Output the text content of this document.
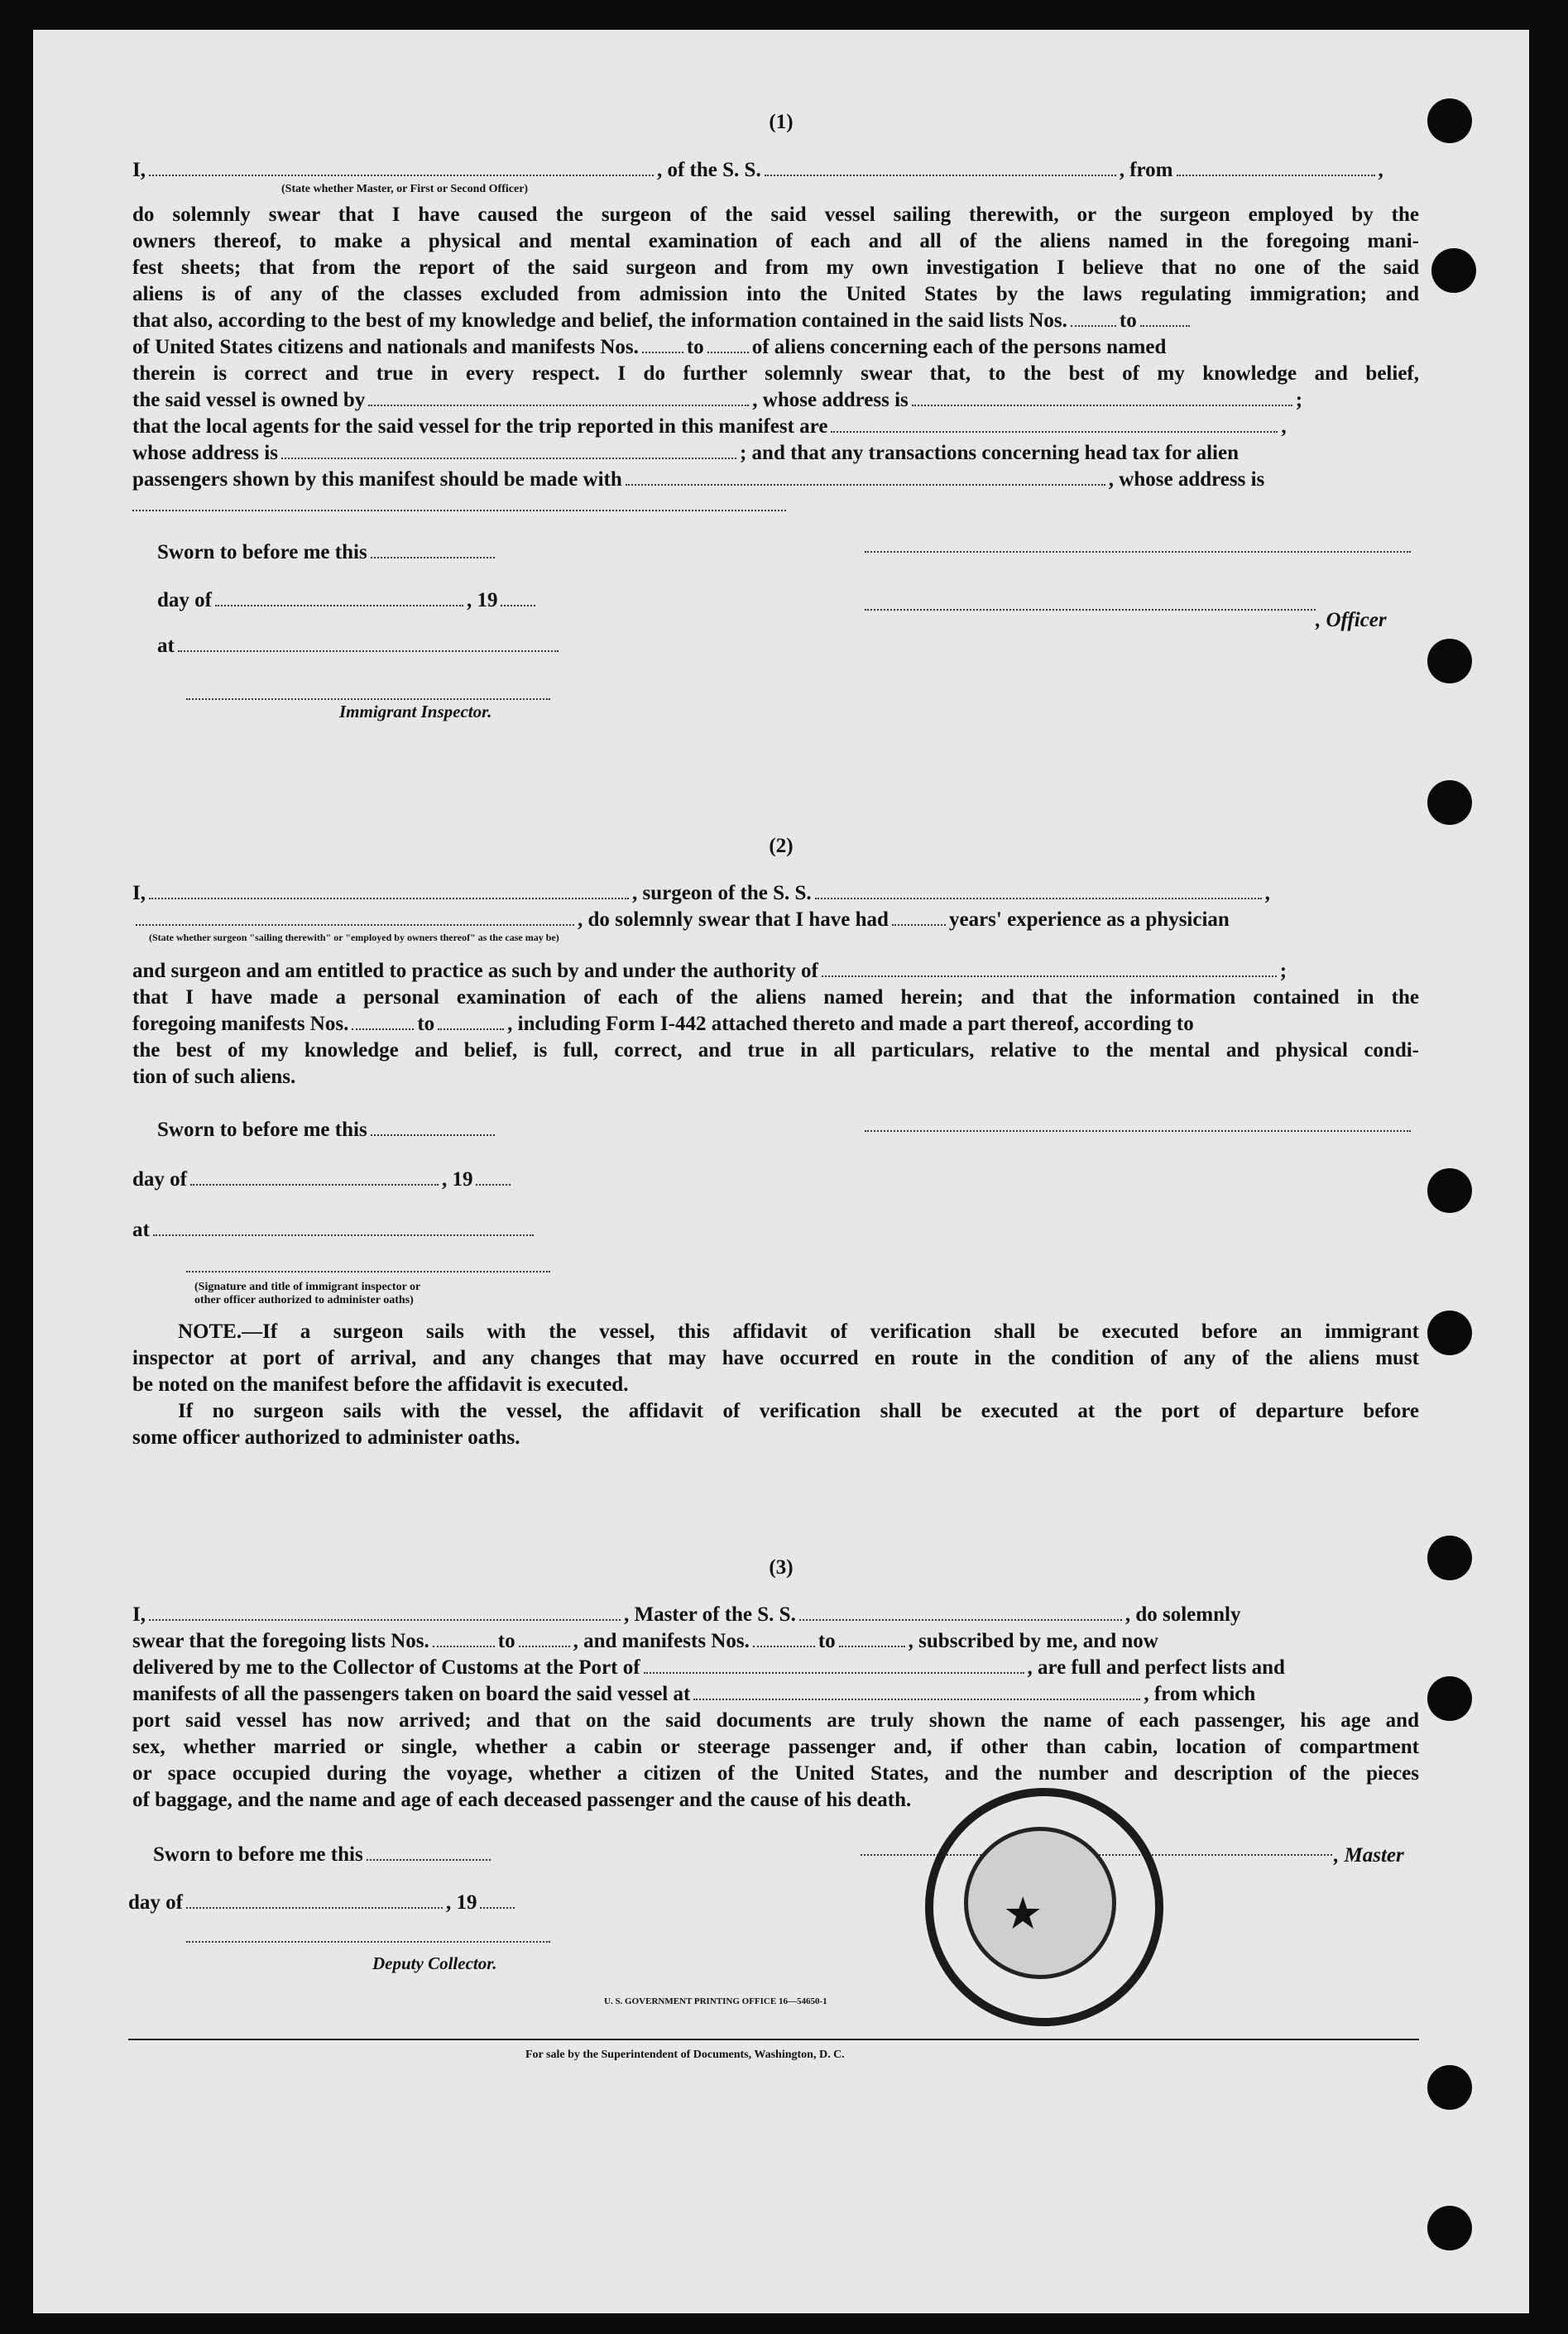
(1)
I,	, of the S. S.	, from	,
(State whether Master, or First or Second Officer)
do solemnly swear that I have caused the surgeon of the said vessel sailing therewith, or the surgeon employed by the
owners thereof, to make a physical and mental examination of each and all of the aliens named in the foregoing mani-
fest sheets; that from the report of the said surgeon and from my own investigation I believe that no one of the said
aliens is of any of the classes excluded from admission into the United States by the laws regulating immigration; and
that also, according to the best of my knowledge and belief, the information contained in the said lists Nos.	to
of United States citizens and nationals and manifests Nos. to of aliens concerning each of the persons named
therein is correct and true in every respect. I do further solemnly swear that, to the best of my knowledge and belief,
the said vessel is owned by	, whose address is	;
that the local agents for the said vessel for the trip reported in this manifest are	,
whose address is	; and that any transactions concerning head tax for alien
passengers shown by this manifest should be made with	, whose address is
Sworn to before me this
day of	, 19
at
, Officer
Immigrant Inspector.
(2)
I,	, surgeon of the S. S.	,
, do solemnly swear that I have had	years' experience as a physician
(State whether surgeon "sailing therewith" or "employed by owners thereof" as the case may be)
and surgeon and am entitled to practice as such by and under the authority of	;
that I have made a personal examination of each of the aliens named herein; and that the information contained in the
foregoing manifests Nos.	to	, including Form I-442 attached thereto and made a part thereof, according to
the best of my knowledge and belief, is full, correct, and true in all particulars, relative to the mental and physical condi-
tion of such aliens.
Sworn to before me this
day of	, 19
at
(Signature and title of immigrant inspector or
other officer authorized to administer oaths)
NOTE.—If a surgeon sails with the vessel, this affidavit of verification shall be executed before an immigrant
inspector at port of arrival, and any changes that may have occurred en route in the condition of any of the aliens must
be noted on the manifest before the affidavit is executed.
If no surgeon sails with the vessel, the affidavit of verification shall be executed at the port of departure before
some officer authorized to administer oaths.
(3)
I,	, Master of the S. S.	, do solemnly
swear that the foregoing lists Nos.	to	, and manifests Nos.	to	, subscribed by me, and now
delivered by me to the Collector of Customs at the Port of	, are full and perfect lists and
manifests of all the passengers taken on board the said vessel at	, from which
port said vessel has now arrived; and that on the said documents are truly shown the name of each passenger, his age and
sex, whether married or single, whether a cabin or steerage passenger and, if other than cabin, location of compartment
or space occupied during the voyage, whether a citizen of the United States, and the number and description of the pieces
of baggage, and the name and age of each deceased passenger and the cause of his death.
Sworn to before me this	, Master
day of	, 19
Deputy Collector.
U. S. GOVERNMENT PRINTING OFFICE 16—54650-1
For sale by the Superintendent of Documents, Washington, D. C.
★
